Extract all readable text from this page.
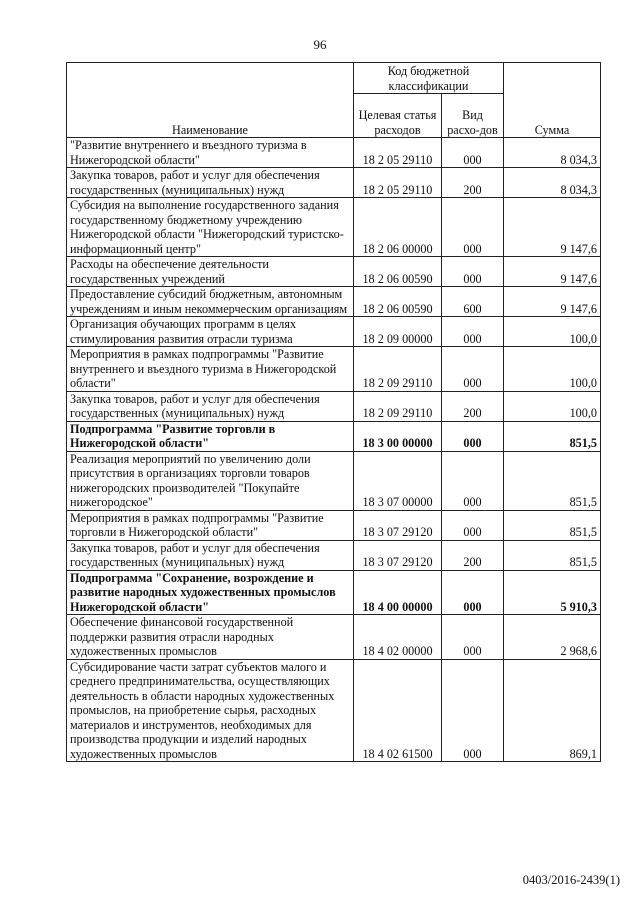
96
Наименование	Код бюджетной классификации		Сумма
	Целевая статья расходов	Вид расхо-дов	
"Развитие внутреннего и въездного туризма в Нижегородской области"	18 2 05 29110	000	8 034,3
Закупка товаров, работ и услуг для обеспечения государственных (муниципальных) нужд	18 2 05 29110	200	8 034,3
Субсидия на выполнение государственного задания государственному бюджетному учреждению Нижегородской области "Нижегородский туристско-информационный центр"	18 2 06 00000	000	9 147,6
Расходы на обеспечение деятельности государственных учреждений	18 2 06 00590	000	9 147,6
Предоставление субсидий бюджетным, автономным учреждениям и иным некоммерческим организациям	18 2 06 00590	600	9 147,6
Организация обучающих программ в целях стимулирования развития отрасли туризма	18 2 09 00000	000	100,0
Мероприятия в рамках подпрограммы "Развитие внутреннего и въездного туризма в Нижегородской области"	18 2 09 29110	000	100,0
Закупка товаров, работ и услуг для обеспечения государственных (муниципальных) нужд	18 2 09 29110	200	100,0
Подпрограмма "Развитие торговли в Нижегородской области"	18 3 00 00000	000	851,5
Реализация мероприятий по увеличению доли присутствия в организациях торговли товаров нижегородских производителей "Покупайте нижегородское"	18 3 07 00000	000	851,5
Мероприятия в рамках подпрограммы "Развитие торговли в Нижегородской области"	18 3 07 29120	000	851,5
Закупка товаров, работ и услуг для обеспечения государственных (муниципальных) нужд	18 3 07 29120	200	851,5
Подпрограмма "Сохранение, возрождение и развитие народных художественных промыслов Нижегородской области"	18 4 00 00000	000	5 910,3
Обеспечение финансовой государственной поддержки развития отрасли народных художественных промыслов	18 4 02 00000	000	2 968,6
Субсидирование части затрат субъектов малого и среднего предпринимательства, осуществляющих деятельность в области народных художественных промыслов, на приобретение сырья, расходных материалов и инструментов, необходимых для производства продукции и изделий народных художественных промыслов	18 4 02 61500	000	869,1
0403/2016-2439(1)
